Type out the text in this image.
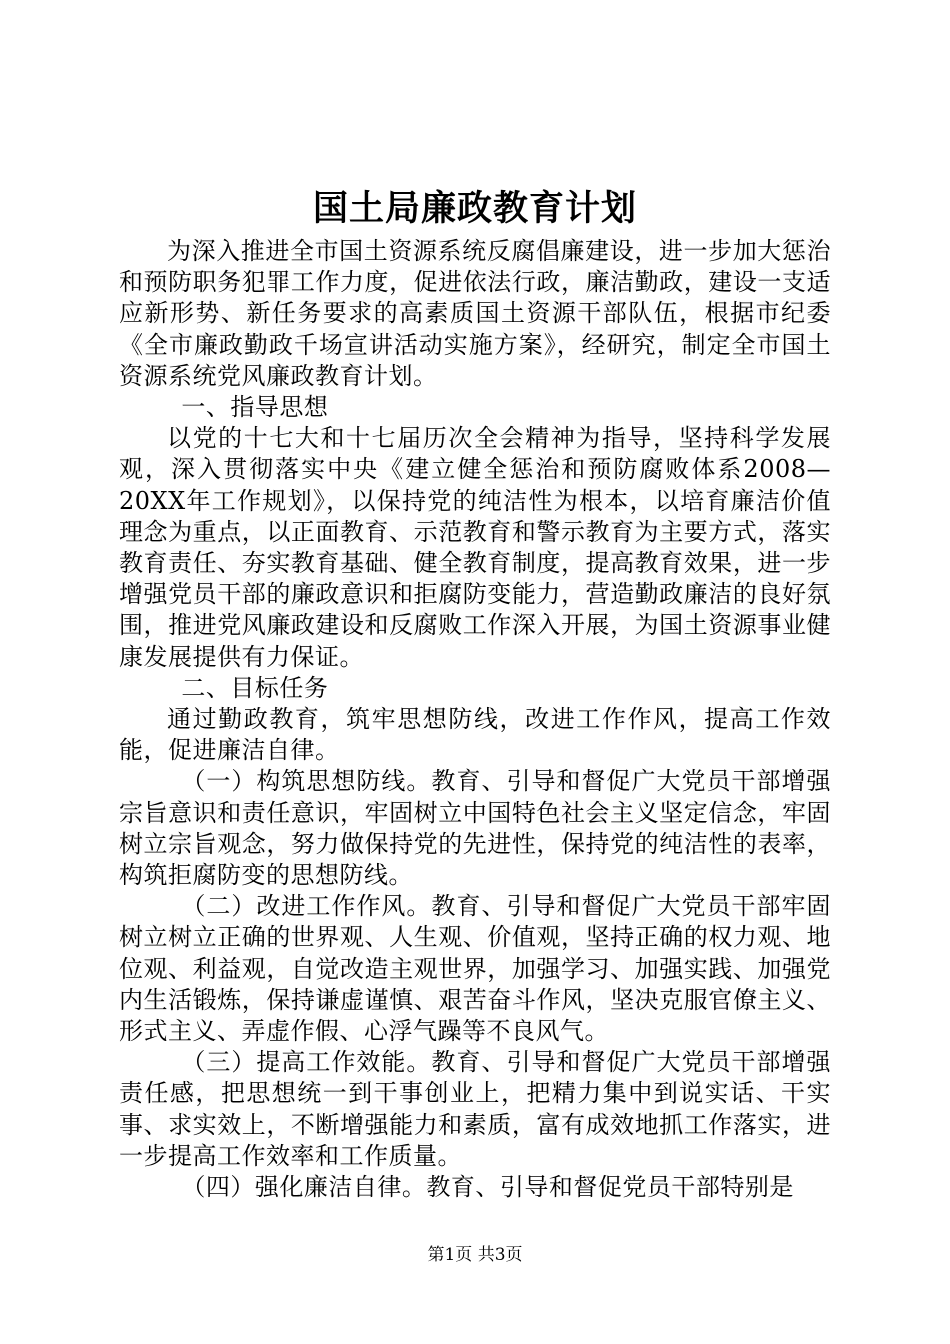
国土局廉政教育计划

为深入推进全市国土资源系统反腐倡廉建设，进一步加大惩治和预防职务犯罪工作力度，促进依法行政，廉洁勤政，建设一支适应新形势、新任务要求的高素质国土资源干部队伍，根据市纪委《全市廉政勤政千场宣讲活动实施方案》，经研究，制定全市国土资源系统党风廉政教育计划。

一、指导思想

以党的十七大和十七届历次全会精神为指导，坚持科学发展观，深入贯彻落实中央《建立健全惩治和预防腐败体系2008—20XX年工作规划》，以保持党的纯洁性为根本，以培育廉洁价值理念为重点，以正面教育、示范教育和警示教育为主要方式，落实教育责任、夯实教育基础、健全教育制度，提高教育效果，进一步增强党员干部的廉政意识和拒腐防变能力，营造勤政廉洁的良好氛围，推进党风廉政建设和反腐败工作深入开展，为国土资源事业健康发展提供有力保证。

二、目标任务

通过勤政教育，筑牢思想防线，改进工作作风，提高工作效能，促进廉洁自律。

（一）构筑思想防线。教育、引导和督促广大党员干部增强宗旨意识和责任意识，牢固树立中国特色社会主义坚定信念，牢固树立宗旨观念，努力做保持党的先进性，保持党的纯洁性的表率，构筑拒腐防变的思想防线。

（二）改进工作作风。教育、引导和督促广大党员干部牢固树立树立正确的世界观、人生观、价值观，坚持正确的权力观、地位观、利益观，自觉改造主观世界，加强学习、加强实践、加强党内生活锻炼，保持谦虚谨慎、艰苦奋斗作风，坚决克服官僚主义、形式主义、弄虚作假、心浮气躁等不良风气。

（三）提高工作效能。教育、引导和督促广大党员干部增强责任感，把思想统一到干事创业上，把精力集中到说实话、干实事、求实效上，不断增强能力和素质，富有成效地抓工作落实，进一步提高工作效率和工作质量。

（四）强化廉洁自律。教育、引导和督促党员干部特别是

第1页 共3页
